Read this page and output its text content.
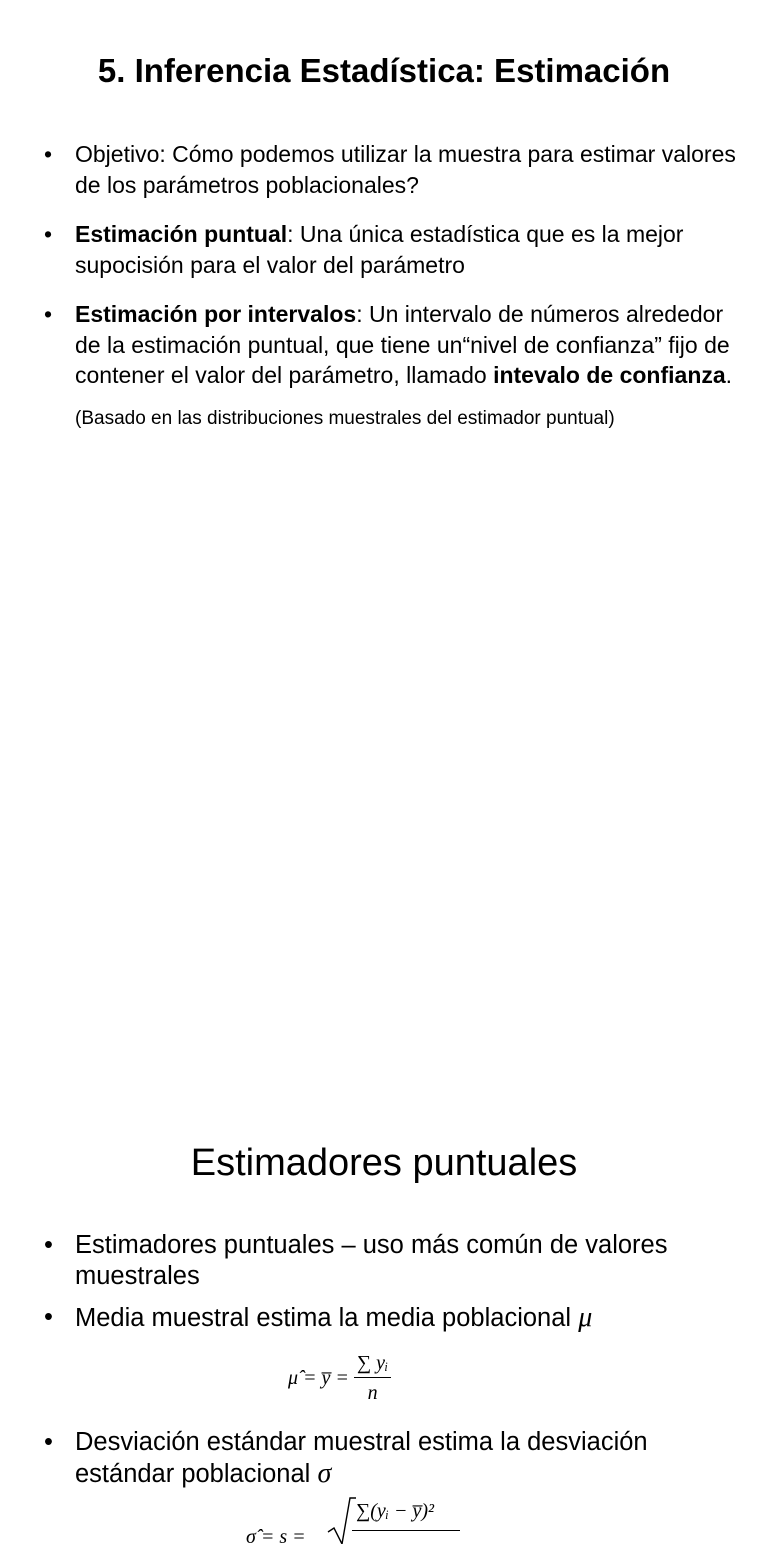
5. Inferencia Estadística: Estimación
• Objetivo: Cómo podemos utilizar la muestra para estimar valores de los parámetros poblacionales?
• Estimación puntual: Una única estadística que es la mejor supocisión para el valor del parámetro
• Estimación por intervalos: Un intervalo de números alrededor de la estimación puntual, que tiene un“nivel de confianza” fijo de contener el valor del parámetro, llamado intevalo de confianza.
(Basado en las distribuciones muestrales del estimador puntual)
Estimadores puntuales
• Estimadores puntuales – uso más común de valores muestrales
• Media muestral estima la media poblacional μ
μ̂ = y̅ = $\frac{\text{∑ yᵢ}}{n}$
• Desviación estándar muestral estima la desviación estándar poblacional σ
σ̂ = s =
∑(yᵢ − y̅)²
